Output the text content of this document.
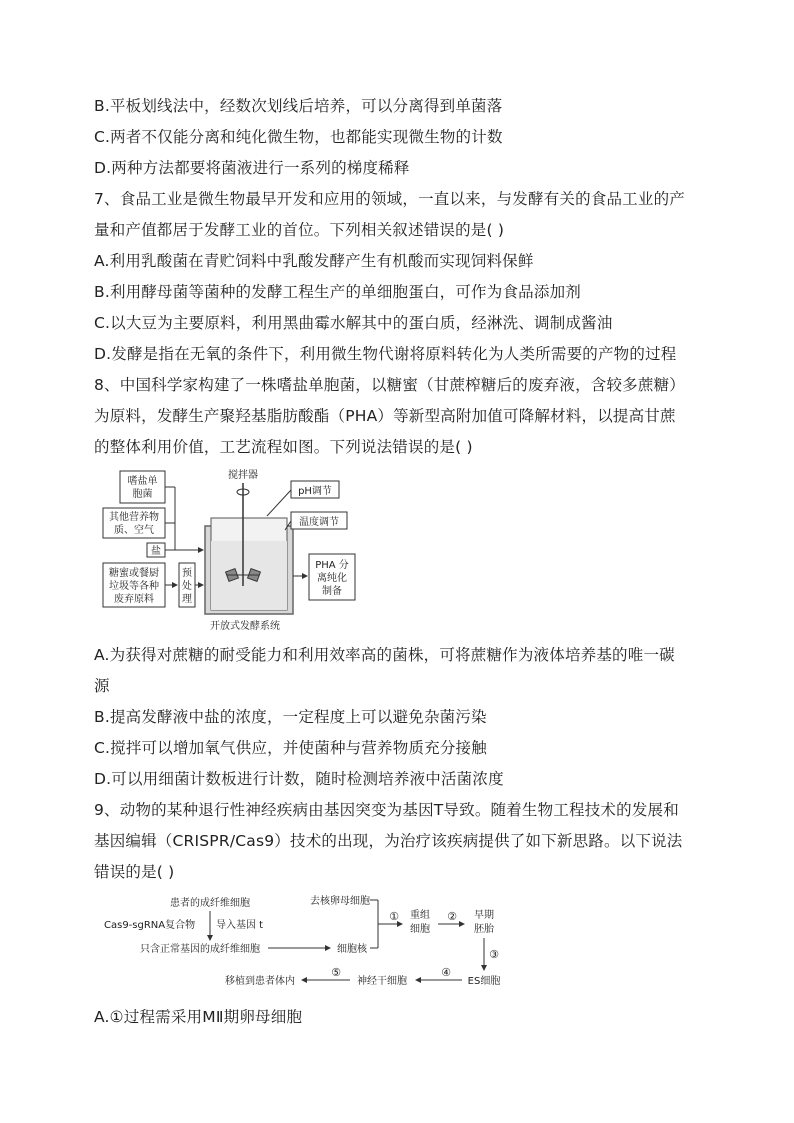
B.平板划线法中，经数次划线后培养，可以分离得到单菌落
C.两者不仅能分离和纯化微生物，也都能实现微生物的计数
D.两种方法都要将菌液进行一系列的梯度稀释
7、食品工业是微生物最早开发和应用的领域，一直以来，与发酵有关的食品工业的产
量和产值都居于发酵工业的首位。下列相关叙述错误的是( )
A.利用乳酸菌在青贮饲料中乳酸发酵产生有机酸而实现饲料保鲜
B.利用酵母菌等菌种的发酵工程生产的单细胞蛋白，可作为食品添加剂
C.以大豆为主要原料，利用黑曲霉水解其中的蛋白质，经淋洗、调制成酱油
D.发酵是指在无氧的条件下，利用微生物代谢将原料转化为人类所需要的产物的过程
8、中国科学家构建了一株嗜盐单胞菌，以糖蜜（甘蔗榨糖后的废弃液，含较多蔗糖）
为原料，发酵生产聚羟基脂肪酸酯（PHA）等新型高附加值可降解材料，以提高甘蔗
的整体利用价值，工艺流程如图。下列说法错误的是( )
A.为获得对蔗糖的耐受能力和利用效率高的菌株，可将蔗糖作为液体培养基的唯一碳
源
B.提高发酵液中盐的浓度，一定程度上可以避免杂菌污染
C.搅拌可以增加氧气供应，并使菌种与营养物质充分接触
D.可以用细菌计数板进行计数，随时检测培养液中活菌浓度
9、动物的某种退行性神经疾病由基因突变为基因T导致。随着生物工程技术的发展和
基因编辑（CRISPR/Cas9）技术的出现，为治疗该疾病提供了如下新思路。以下说法
错误的是( )
A.①过程需采用MⅡ期卵母细胞
嗜盐单
胞菌
其他营养物
质、空气
盐
糖蜜或餐厨
垃圾等各种
废弃原料
预
处
理
搅拌器
pH调节
温度调节
PHA 分
离纯化
制备
开放式发酵系统
患者的成纤维细胞
Cas9-sgRNA复合物 导入基因 t
只含正常基因的成纤维细胞
去核卵母细胞
细胞核
① 重组
细胞
② 早期
胚胎
③
ES细胞
④
神经干细胞
⑤
移植到患者体内
